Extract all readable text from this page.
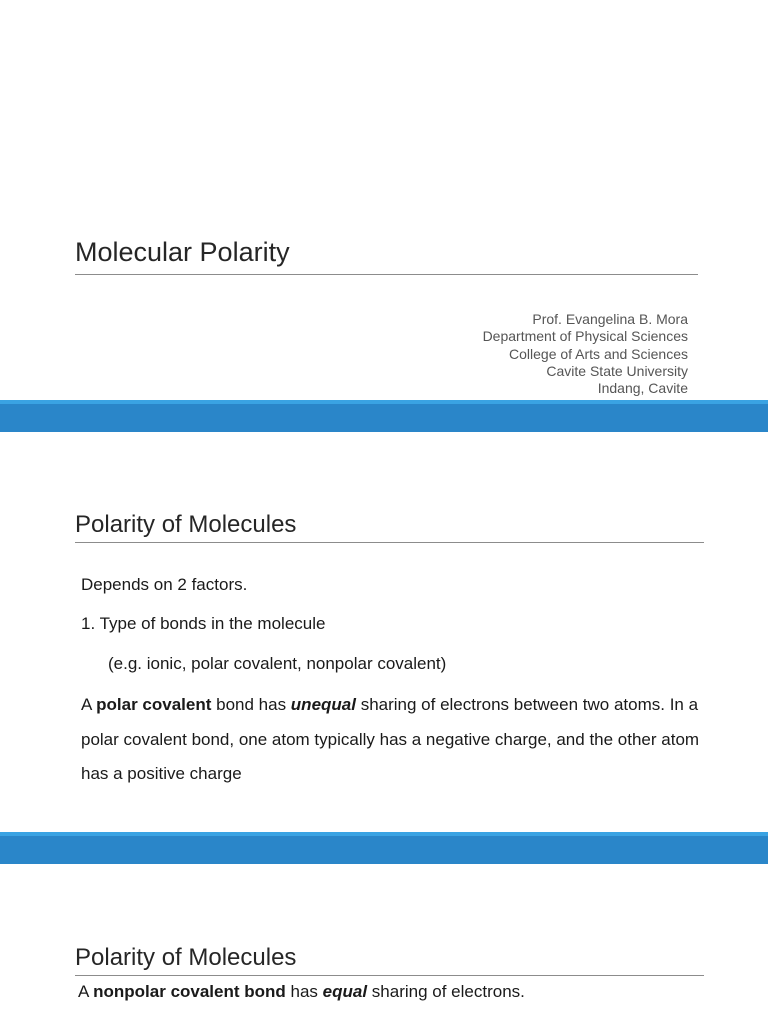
Molecular Polarity
Prof. Evangelina B. Mora
Department of Physical Sciences
College of Arts and Sciences
Cavite State University
Indang, Cavite
Polarity of Molecules
Depends on 2 factors.
1. Type of bonds in the molecule
(e.g. ionic, polar covalent, nonpolar covalent)
A polar covalent bond has unequal sharing of electrons between two atoms. In a polar covalent bond, one atom typically has a negative charge, and the other atom has a positive charge
Polarity of Molecules
A nonpolar covalent bond has equal sharing of electrons.
